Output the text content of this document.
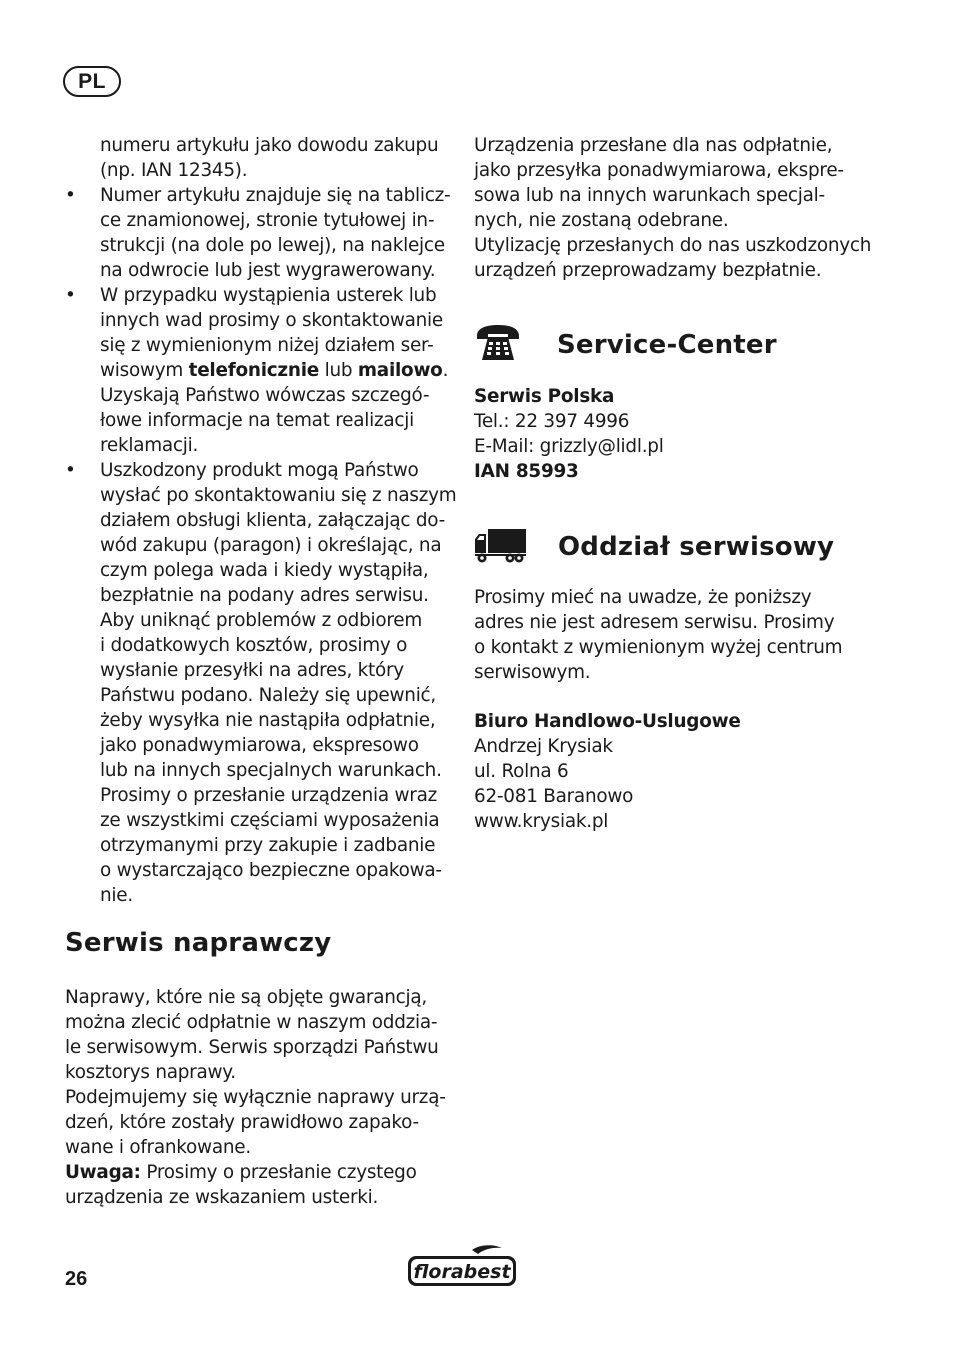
PL
numeru artykułu jako dowodu zakupu
(np. IAN 12345).
• Numer artykułu znajduje się na tablicz-
ce znamionowej, stronie tytułowej in-
strukcji (na dole po lewej), na naklejce
na odwrocie lub jest wygrawerowany.
• W przypadku wystąpienia usterek lub
innych wad prosimy o skontaktowanie
się z wymienionym niżej działem ser-
wisowym telefonicznie lub mailowo.
Uzyskają Państwo wówczas szczegó-
łowe informacje na temat realizacji
reklamacji.
• Uszkodzony produkt mogą Państwo
wysłać po skontaktowaniu się z naszym
działem obsługi klienta, załączając do-
wód zakupu (paragon) i określając, na
czym polega wada i kiedy wystąpiła,
bezpłatnie na podany adres serwisu.
Aby uniknąć problemów z odbiorem
i dodatkowych kosztów, prosimy o
wysłanie przesyłki na adres, który
Państwu podano. Należy się upewnić,
żeby wysyłka nie nastąpiła odpłatnie,
jako ponadwymiarowa, ekspresowo
lub na innych specjalnych warunkach.
Prosimy o przesłanie urządzenia wraz
ze wszystkimi częściami wyposażenia
otrzymanymi przy zakupie i zadbanie
o wystarczająco bezpieczne opakowa-
nie.
Serwis naprawczy
Naprawy, które nie są objęte gwarancją,
można zlecić odpłatnie w naszym oddzia-
le serwisowym. Serwis sporządzi Państwu
kosztorys naprawy.
Podejmujemy się wyłącznie naprawy urzą-
dzeń, które zostały prawidłowo zapako-
wane i ofrankowane.
Uwaga: Prosimy o przesłanie czystego
urządzenia ze wskazaniem usterki.
Urządzenia przesłane dla nas odpłatnie,
jako przesyłka ponadwymiarowa, ekspre-
sowa lub na innych warunkach specjal-
nych, nie zostaną odebrane.
Utylizację przesłanych do nas uszkodzonych
urządzeń przeprowadzamy bezpłatnie.
Service-Center
Serwis Polska
Tel.: 22 397 4996
E-Mail: grizzly@lidl.pl
IAN 85993
Oddział serwisowy
Prosimy mieć na uwadze, że poniższy
adres nie jest adresem serwisu. Prosimy
o kontakt z wymienionym wyżej centrum
serwisowym.
Biuro Handlowo-Uslugowe
Andrzej Krysiak
ul. Rolna 6
62-081 Baranowo
www.krysiak.pl
26	florabest
